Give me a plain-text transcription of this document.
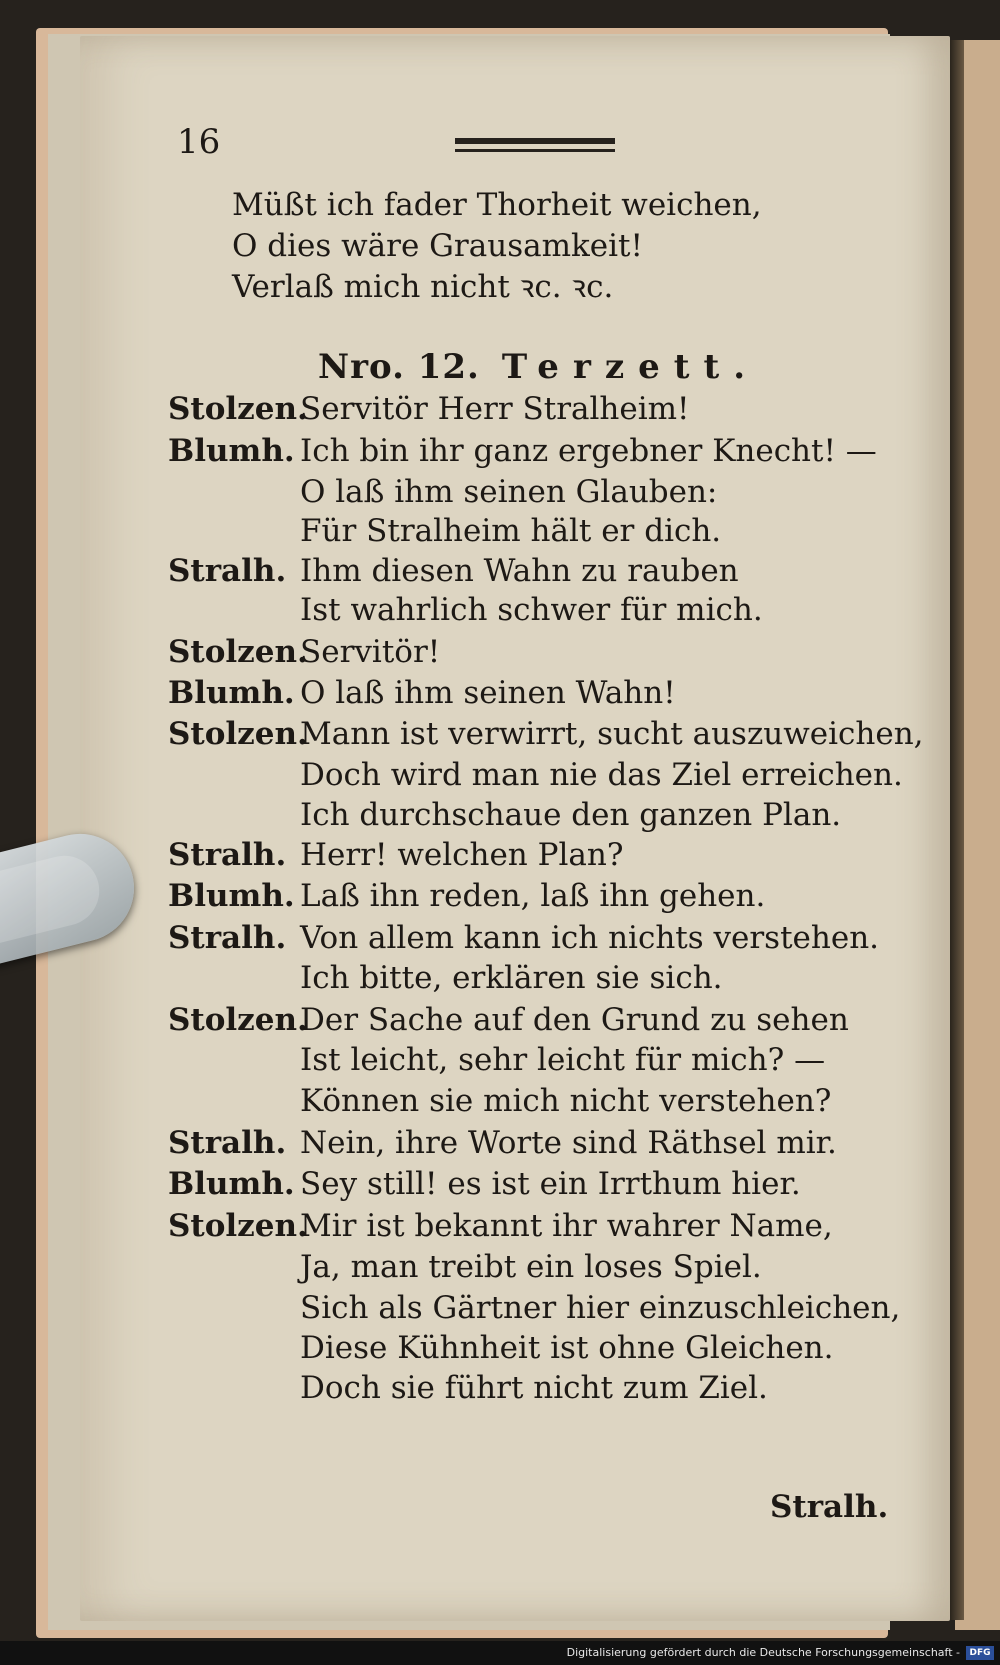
16
Müßt ich fader Thorheit weichen,
O dies wäre Grausamkeit!
Verlaß mich nicht ꝛc. ꝛc.
Nro. 12. Terzett.
Stolzen.
Servitör Herr Stralheim!
Blumh. Ich bin ihr ganz ergebner Knecht! —
O laß ihm seinen Glauben:
Für Stralheim hält er dich.
Stralh. Ihm diesen Wahn zu rauben
Ist wahrlich schwer für mich.
Stolzen.
Servitör!
Blumh. O laß ihm seinen Wahn!
Stolzen.
Mann ist verwirrt, sucht auszuweichen,
Doch wird man nie das Ziel erreichen.
Ich durchschaue den ganzen Plan.
Stralh. Herr! welchen Plan?
Blumh. Laß ihn reden, laß ihn gehen.
Stralh. Von allem kann ich nichts verstehen.
Ich bitte, erklären sie sich.
Stolzen.
Der Sache auf den Grund zu sehen
Ist leicht, sehr leicht für mich? —
Können sie mich nicht verstehen?
Stralh. Nein, ihre Worte sind Räthsel mir.
Blumh. Sey still! es ist ein Irrthum hier.
Stolzen.
Mir ist bekannt ihr wahrer Name,
Ja, man treibt ein loses Spiel.
Sich als Gärtner hier einzuschleichen,
Diese Kühnheit ist ohne Gleichen.
Doch sie führt nicht zum Ziel.
Stralh.
Digitalisierung gefördert durch die Deutsche Forschungsgemeinschaft -	DFG
